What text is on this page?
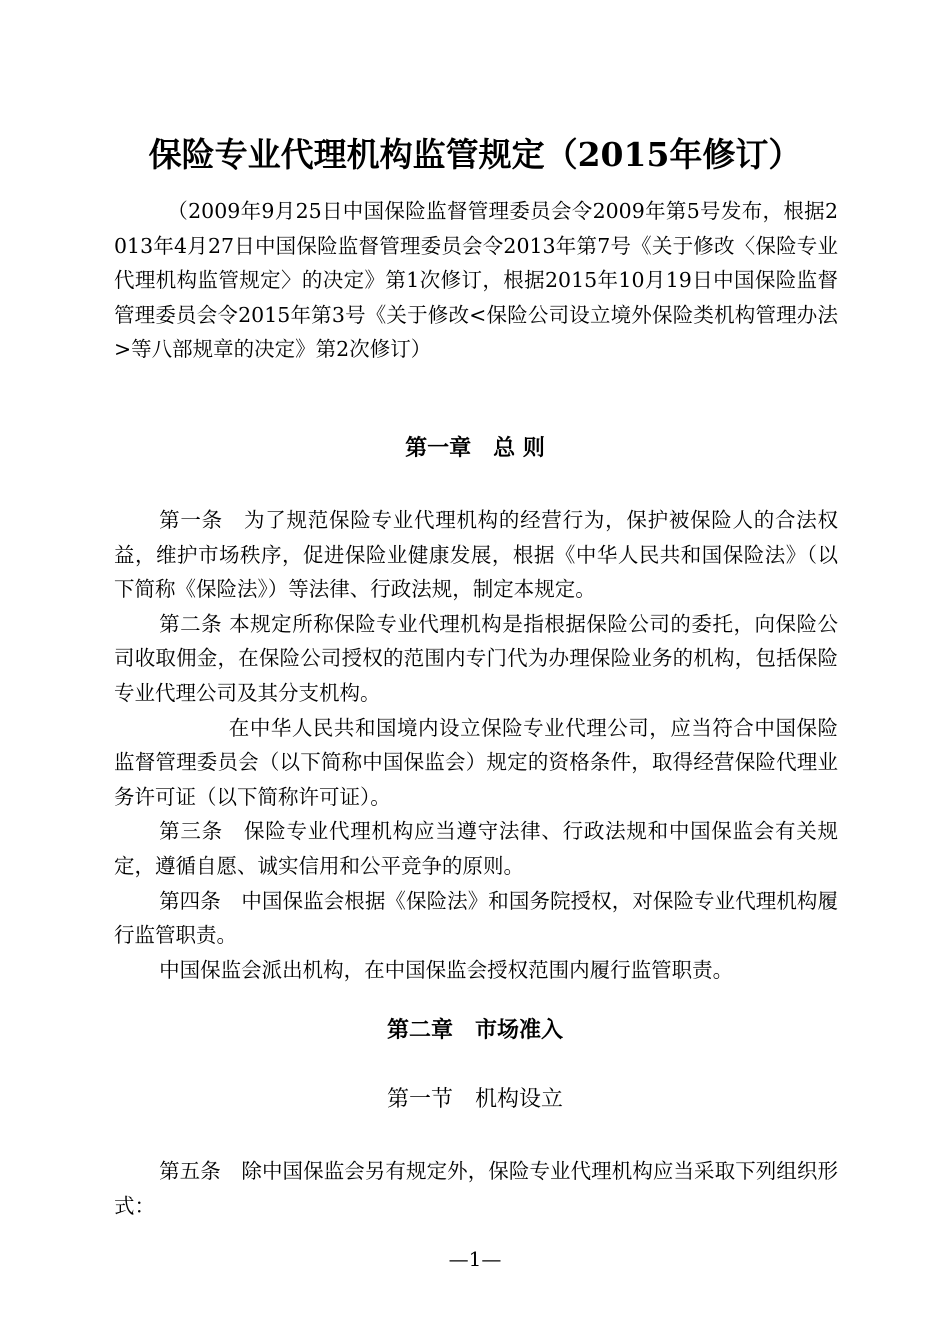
保险专业代理机构监管规定（2015年修订）
（2009年9月25日中国保险监督管理委员会令2009年第5号发布，根据2013年4月27日中国保险监督管理委员会令2013年第7号《关于修改〈保险专业代理机构监管规定〉的决定》第1次修订，根据2015年10月19日中国保险监督管理委员会令2015年第3号《关于修改<保险公司设立境外保险类机构管理办法>等八部规章的决定》第2次修订）
第一章　总 则

第一条　为了规范保险专业代理机构的经营行为，保护被保险人的合法权益，维护市场秩序，促进保险业健康发展，根据《中华人民共和国保险法》（以下简称《保险法》）等法律、行政法规，制定本规定。

第二条 本规定所称保险专业代理机构是指根据保险公司的委托，向保险公司收取佣金，在保险公司授权的范围内专门代为办理保险业务的机构，包括保险专业代理公司及其分支机构。

在中华人民共和国境内设立保险专业代理公司，应当符合中国保险监督管理委员会（以下简称中国保监会）规定的资格条件，取得经营保险代理业务许可证（以下简称许可证）。

第三条　保险专业代理机构应当遵守法律、行政法规和中国保监会有关规定，遵循自愿、诚实信用和公平竞争的原则。

第四条　中国保监会根据《保险法》和国务院授权，对保险专业代理机构履行监管职责。

中国保监会派出机构，在中国保监会授权范围内履行监管职责。

第二章　市场准入
第一节　机构设立

第五条　除中国保监会另有规定外，保险专业代理机构应当采取下列组织形式：

—1—
